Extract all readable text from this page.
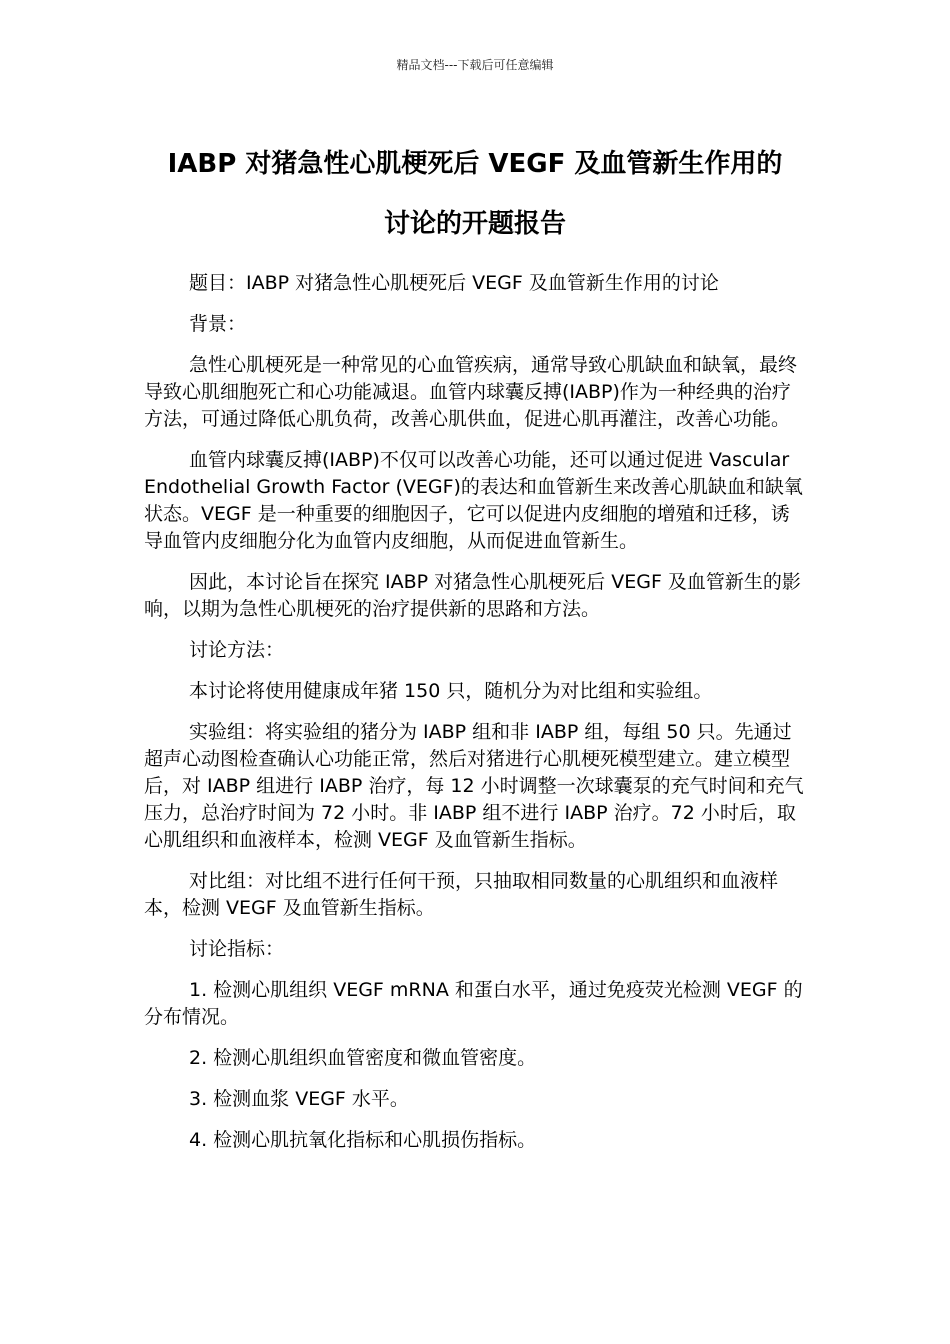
精品文档---下载后可任意编辑
IABP 对猪急性心肌梗死后 VEGF 及血管新生作用的
讨论的开题报告

题目：IABP 对猪急性心肌梗死后 VEGF 及血管新生作用的讨论

背景：

急性心肌梗死是一种常见的心血管疾病，通常导致心肌缺血和缺氧，最终导致心肌细胞死亡和心功能减退。血管内球囊反搏(IABP)作为一种经典的治疗方法，可通过降低心肌负荷，改善心肌供血，促进心肌再灌注，改善心功能。

血管内球囊反搏(IABP)不仅可以改善心功能，还可以通过促进 Vascular Endothelial Growth Factor (VEGF)的表达和血管新生来改善心肌缺血和缺氧状态。VEGF 是一种重要的细胞因子，它可以促进内皮细胞的增殖和迁移，诱导血管内皮细胞分化为血管内皮细胞，从而促进血管新生。

因此，本讨论旨在探究 IABP 对猪急性心肌梗死后 VEGF 及血管新生的影响，以期为急性心肌梗死的治疗提供新的思路和方法。

讨论方法：

本讨论将使用健康成年猪 150 只，随机分为对比组和实验组。

实验组：将实验组的猪分为 IABP 组和非 IABP 组，每组 50 只。先通过超声心动图检查确认心功能正常，然后对猪进行心肌梗死模型建立。建立模型后，对 IABP 组进行 IABP 治疗，每 12 小时调整一次球囊泵的充气时间和充气压力，总治疗时间为 72 小时。非 IABP 组不进行 IABP 治疗。72 小时后，取心肌组织和血液样本，检测 VEGF 及血管新生指标。

对比组：对比组不进行任何干预，只抽取相同数量的心肌组织和血液样本，检测 VEGF 及血管新生指标。

讨论指标：

1. 检测心肌组织 VEGF mRNA 和蛋白水平，通过免疫荧光检测 VEGF 的分布情况。

2. 检测心肌组织血管密度和微血管密度。

3. 检测血浆 VEGF 水平。

4. 检测心肌抗氧化指标和心肌损伤指标。
